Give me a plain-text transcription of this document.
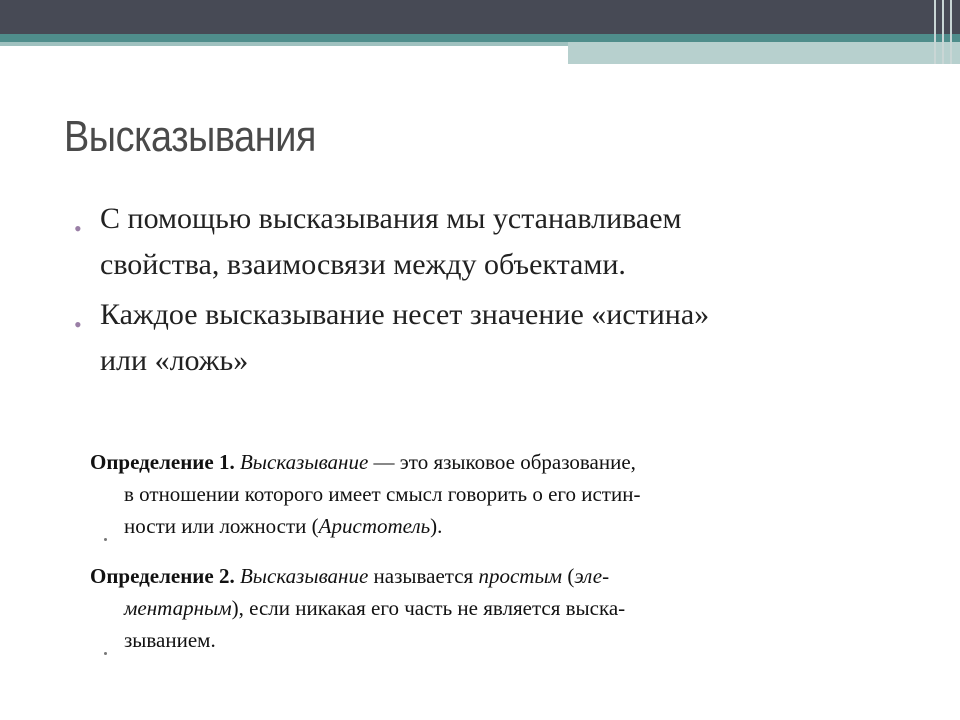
Высказывания
• С помощью высказывания мы устанавливаем
свойства, взаимосвязи между объектами.
• Каждое высказывание несет значение «истина»
или «ложь»
Определение 1. Высказывание — это языковое образование,
в отношении которого имеет смысл говорить о его истин-
ности или ложности (Аристотель).
Определение 2. Высказывание называется простым (эле-
ментарным), если никакая его часть не является выска-
зыванием.
